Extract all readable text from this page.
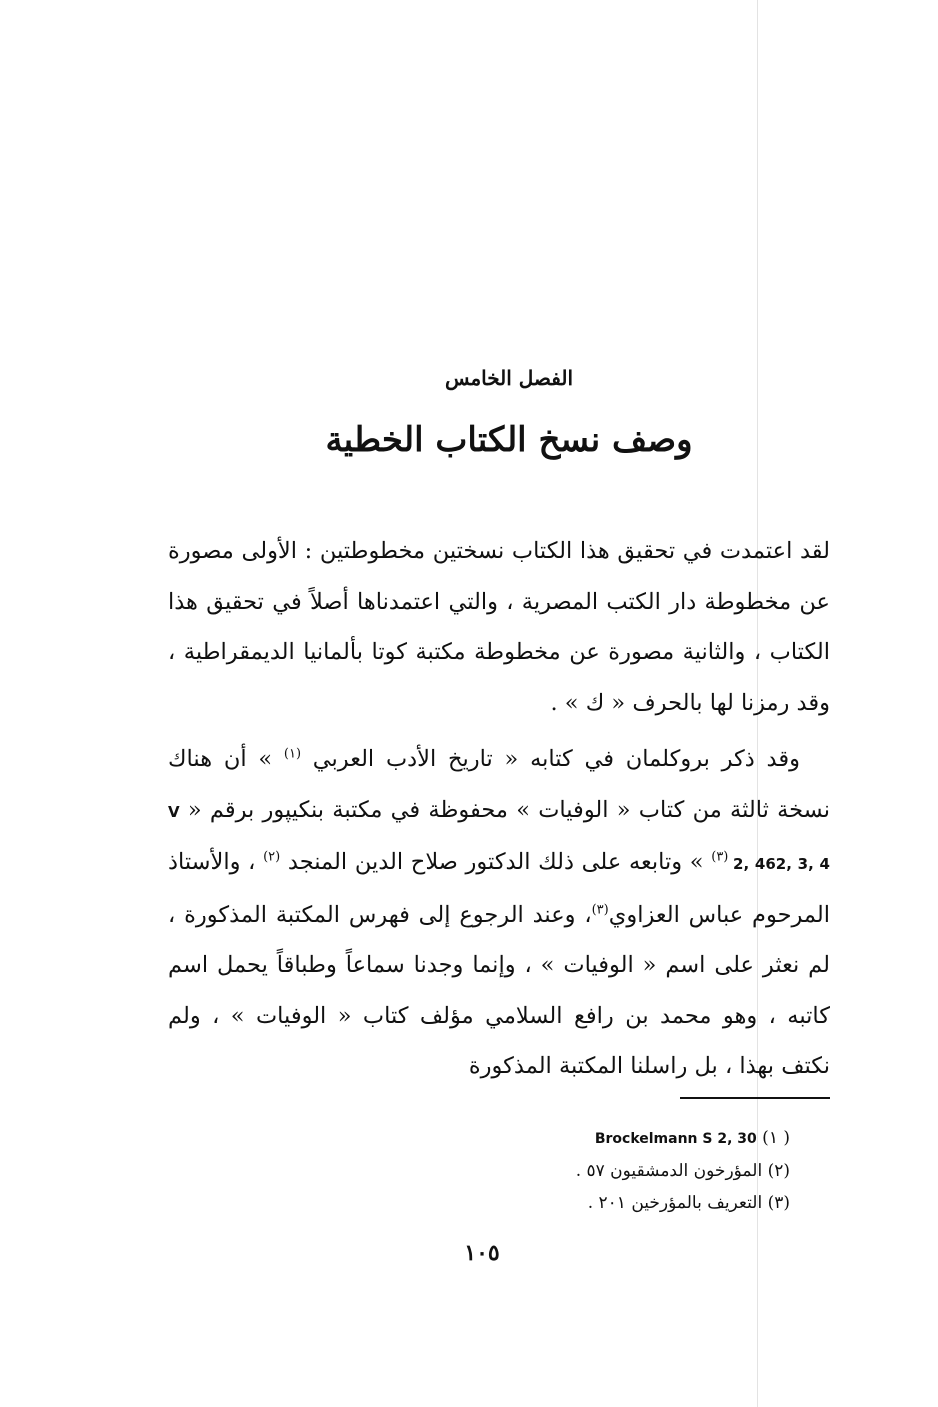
الفصل الخامس
وصف نسخ الكتاب الخطية

لقد اعتمدت في تحقيق هذا الكتاب نسختين مخطوطتين : الأولى مصورة عن مخطوطة دار الكتب المصرية ، والتي اعتمدناها أصلاً في تحقيق هذا الكتاب ، والثانية مصورة عن مخطوطة مكتبة كوتا بألمانيا الديمقراطية ، وقد رمزنا لها بالحرف « ك » .

وقد ذكر بروكلمان في كتابه « تاريخ الأدب العربي $^{(١)}$ » أن هناك نسخة ثالثة من كتاب « الوفيات » محفوظة في مكتبة بنكيپور برقم « V 2, 462, 3, 4 $^{(٣)}$ » وتابعه على ذلك الدكتور صلاح الدين المنجد $^{(٢)}$ ، والأستاذ المرحوم عباس العزاوي$^{(٣)}$، وعند الرجوع إلى فهرس المكتبة المذكورة ، لم نعثر على اسم « الوفيات » ، وإنما وجدنا سماعاً وطباقاً يحمل اسم كاتبه ، وهو محمد بن رافع السلامي مؤلف كتاب « الوفيات » ، ولم نكتف بهذا ، بل راسلنا المكتبة المذكورة

( ١) Brockelmann S 2, 30
(٢) المؤرخون الدمشقيون ٥٧ .
(٣) التعريف بالمؤرخين ٢٠١ .
١٠٥
